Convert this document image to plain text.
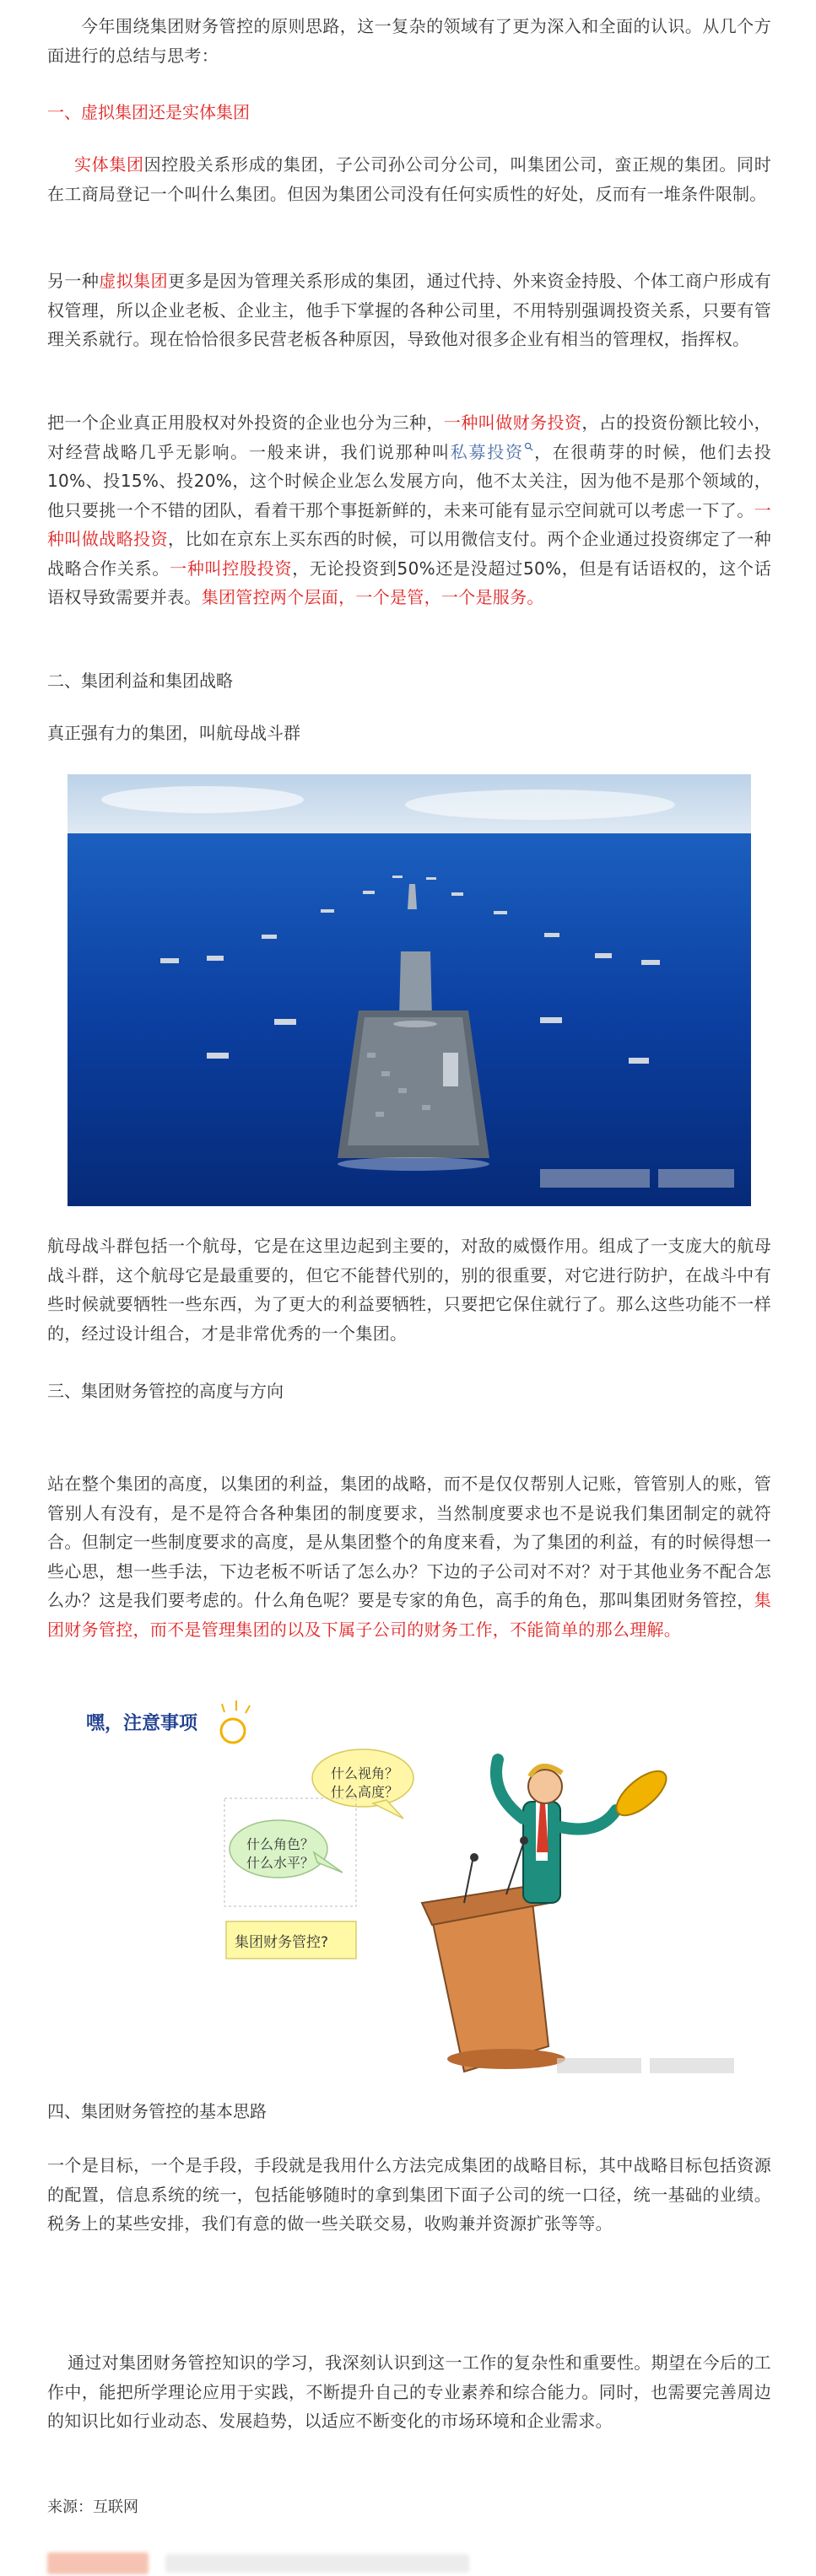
今年围绕集团财务管控的原则思路，这一复杂的领域有了更为深入和全面的认识。从几个方面进行的总结与思考：

一、虚拟集团还是实体集团

实体集团因控股关系形成的集团，子公司孙公司分公司，叫集团公司，蛮正规的集团。同时在工商局登记一个叫什么集团。但因为集团公司没有任何实质性的好处，反而有一堆条件限制。

另一种虚拟集团更多是因为管理关系形成的集团，通过代持、外来资金持股、个体工商户形成有权管理，所以企业老板、企业主，他手下掌握的各种公司里，不用特别强调投资关系，只要有管理关系就行。现在恰恰很多民营老板各种原因，导致他对很多企业有相当的管理权，指挥权。

把一个企业真正用股权对外投资的企业也分为三种，一种叫做财务投资，占的投资份额比较小，对经营战略几乎无影响。一般来讲，我们说那种叫私募投资 ，在很萌芽的时候，他们去投10%、投15%、投20%，这个时候企业怎么发展方向，他不太关注，因为他不是那个领域的，他只要挑一个不错的团队，看着干那个事挺新鲜的，未来可能有显示空间就可以考虑一下了。一种叫做战略投资，比如在京东上买东西的时候，可以用微信支付。两个企业通过投资绑定了一种战略合作关系。一种叫控股投资，无论投资到50%还是没超过50%，但是有话语权的，这个话语权导致需要并表。集团管控两个层面，一个是管，一个是服务。

二、集团利益和集团战略

真正强有力的集团，叫航母战斗群

航母战斗群包括一个航母，它是在这里边起到主要的，对敌的威慑作用。组成了一支庞大的航母战斗群，这个航母它是最重要的，但它不能替代别的，别的很重要，对它进行防护，在战斗中有些时候就要牺牲一些东西，为了更大的利益要牺牲，只要把它保住就行了。那么这些功能不一样的，经过设计组合，才是非常优秀的一个集团。

三、集团财务管控的高度与方向

站在整个集团的高度，以集团的利益，集团的战略，而不是仅仅帮别人记账，管管别人的账，管管别人有没有，是不是符合各种集团的制度要求，当然制度要求也不是说我们集团制定的就符合。但制定一些制度要求的高度，是从集团整个的角度来看，为了集团的利益，有的时候得想一些心思，想一些手法，下边老板不听话了怎么办？下边的子公司对不对？对于其他业务不配合怎么办？这是我们要考虑的。什么角色呢？要是专家的角色，高手的角色，那叫集团财务管控，集团财务管控，而不是管理集团的以及下属子公司的财务工作，不能简单的那么理解。

嘿，注意事项
什么视角？
什么高度？
什么角色？
什么水平？
集团财务管控?

四、集团财务管控的基本思路

一个是目标，一个是手段，手段就是我用什么方法完成集团的战略目标，其中战略目标包括资源的配置，信息系统的统一，包括能够随时的拿到集团下面子公司的统一口径，统一基础的业绩。税务上的某些安排，我们有意的做一些关联交易，收购兼并资源扩张等等。

通过对集团财务管控知识的学习，我深刻认识到这一工作的复杂性和重要性。期望在今后的工作中，能把所学理论应用于实践，不断提升自己的专业素养和综合能力。同时，也需要完善周边的知识比如行业动态、发展趋势，以适应不断变化的市场环境和企业需求。

来源：互联网
